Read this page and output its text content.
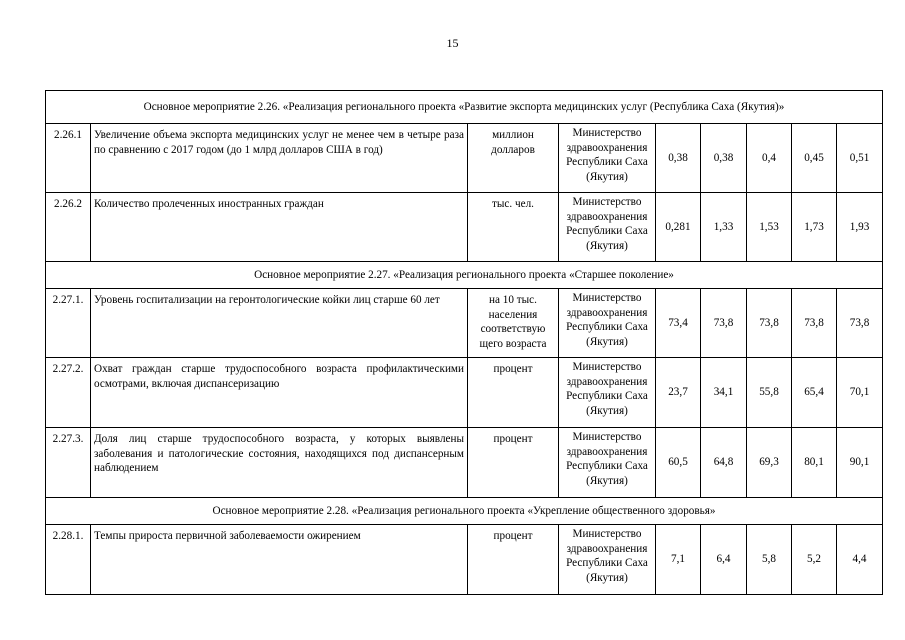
15
Основное мероприятие 2.26. «Реализация регионального проекта «Развитие экспорта медицинских услуг (Республика Саха (Якутия)»								
2.26.1	Увеличение объема экспорта медицинских услуг не менее чем в четыре раза по сравнению с 2017 годом (до 1 млрд долларов США в год)	миллион долларов	Министерство здравоохранения Республики Саха (Якутия)	0,38	0,38	0,4	0,45	0,51
2.26.2	Количество пролеченных иностранных граждан	тыс. чел.	Министерство здравоохранения Республики Саха (Якутия)	0,281	1,33	1,53	1,73	1,93
Основное мероприятие 2.27. «Реализация регионального проекта «Старшее поколение»								
2.27.1.	Уровень госпитализации на геронтологические койки лиц старше 60 лет	на 10 тыс. населения соответствую щего возраста	Министерство здравоохранения Республики Саха (Якутия)	73,4	73,8	73,8	73,8	73,8
2.27.2.	Охват граждан старше трудоспособного возраста профилактическими осмотрами, включая диспансеризацию	процент	Министерство здравоохранения Республики Саха (Якутия)	23,7	34,1	55,8	65,4	70,1
2.27.3.	Доля лиц старше трудоспособного возраста, у которых выявлены заболевания и патологические состояния, находящихся под диспансерным наблюдением	процент	Министерство здравоохранения Республики Саха (Якутия)	60,5	64,8	69,3	80,1	90,1
Основное мероприятие 2.28. «Реализация регионального проекта «Укрепление общественного здоровья»								
2.28.1.	Темпы прироста первичной заболеваемости ожирением	процент	Министерство здравоохранения Республики Саха (Якутия)	7,1	6,4	5,8	5,2	4,4
